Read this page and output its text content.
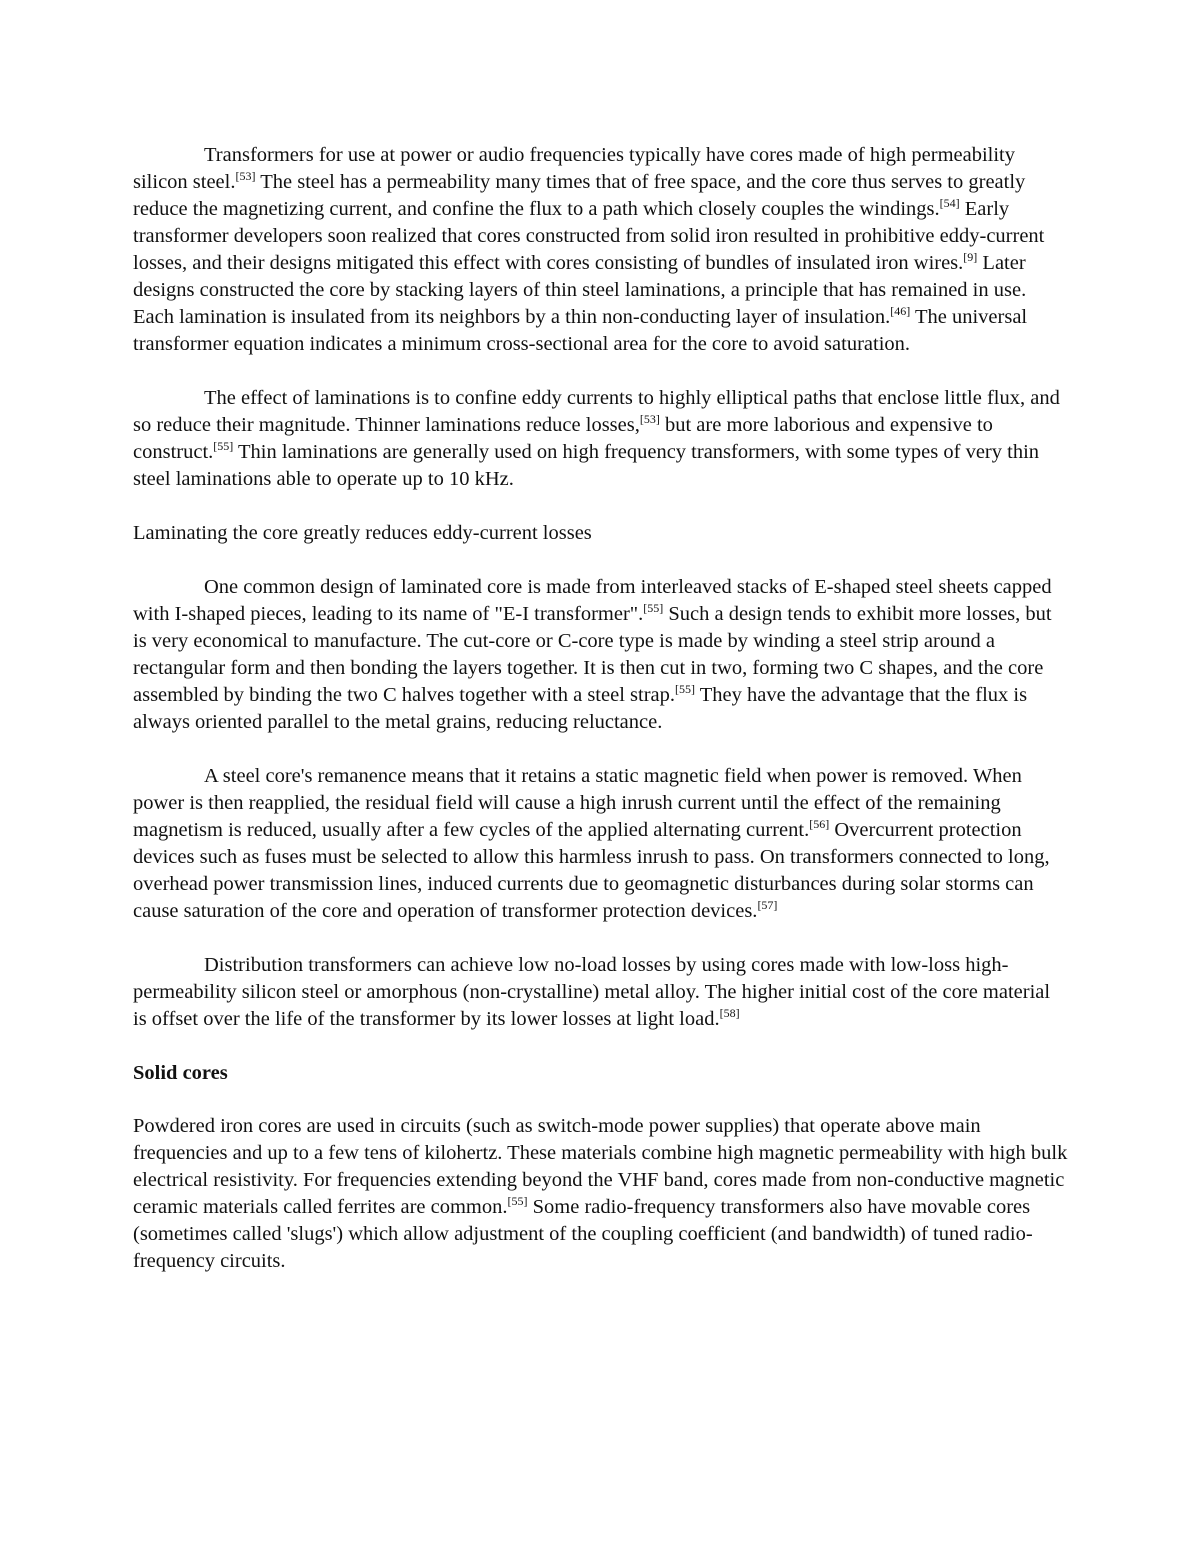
Transformers for use at power or audio frequencies typically have cores made of high permeability silicon steel.[53] The steel has a permeability many times that of free space, and the core thus serves to greatly reduce the magnetizing current, and confine the flux to a path which closely couples the windings.[54] Early transformer developers soon realized that cores constructed from solid iron resulted in prohibitive eddy-current losses, and their designs mitigated this effect with cores consisting of bundles of insulated iron wires.[9] Later designs constructed the core by stacking layers of thin steel laminations, a principle that has remained in use. Each lamination is insulated from its neighbors by a thin non-conducting layer of insulation.[46] The universal transformer equation indicates a minimum cross-sectional area for the core to avoid saturation.

The effect of laminations is to confine eddy currents to highly elliptical paths that enclose little flux, and so reduce their magnitude. Thinner laminations reduce losses,[53] but are more laborious and expensive to construct.[55] Thin laminations are generally used on high frequency transformers, with some types of very thin steel laminations able to operate up to 10 kHz.

Laminating the core greatly reduces eddy-current losses

One common design of laminated core is made from interleaved stacks of E-shaped steel sheets capped with I-shaped pieces, leading to its name of "E-I transformer".[55] Such a design tends to exhibit more losses, but is very economical to manufacture. The cut-core or C-core type is made by winding a steel strip around a rectangular form and then bonding the layers together. It is then cut in two, forming two C shapes, and the core assembled by binding the two C halves together with a steel strap.[55] They have the advantage that the flux is always oriented parallel to the metal grains, reducing reluctance.

A steel core's remanence means that it retains a static magnetic field when power is removed. When power is then reapplied, the residual field will cause a high inrush current until the effect of the remaining magnetism is reduced, usually after a few cycles of the applied alternating current.[56] Overcurrent protection devices such as fuses must be selected to allow this harmless inrush to pass. On transformers connected to long, overhead power transmission lines, induced currents due to geomagnetic disturbances during solar storms can cause saturation of the core and operation of transformer protection devices.[57]

Distribution transformers can achieve low no-load losses by using cores made with low-loss high-permeability silicon steel or amorphous (non-crystalline) metal alloy. The higher initial cost of the core material is offset over the life of the transformer by its lower losses at light load.[58]

Solid cores

Powdered iron cores are used in circuits (such as switch-mode power supplies) that operate above main frequencies and up to a few tens of kilohertz. These materials combine high magnetic permeability with high bulk electrical resistivity. For frequencies extending beyond the VHF band, cores made from non-conductive magnetic ceramic materials called ferrites are common.[55] Some radio-frequency transformers also have movable cores (sometimes called 'slugs') which allow adjustment of the coupling coefficient (and bandwidth) of tuned radio-frequency circuits.
